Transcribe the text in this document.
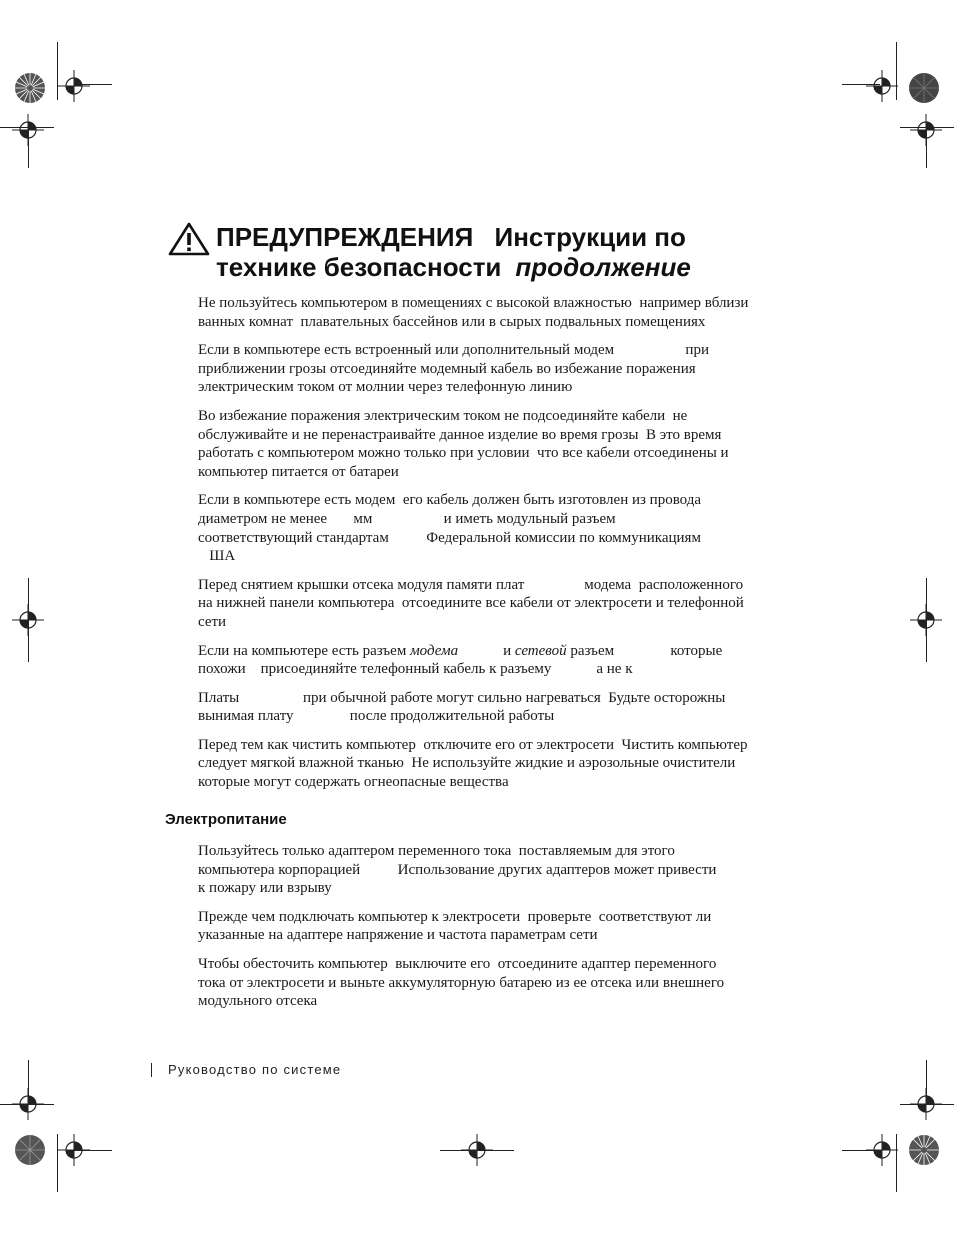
ПРЕДУПРЕЖДЕНИЯ Инструкции по
технике безопасности продолжение

Не пользуйтесь компьютером в помещениях с высокой влажностью  например вблизи
ванных комнат  плавательных бассейнов или в сырых подвальных помещениях

Если в компьютере есть встроенный или дополнительный модем                   при
приближении грозы отсоединяйте модемный кабель во избежание поражения
электрическим током от молнии через телефонную линию

Во избежание поражения электрическим током не подсоединяйте кабели  не
обслуживайте и не перенастраивайте данное изделие во время грозы  В это время
работать с компьютером можно только при условии  что все кабели отсоединены и
компьютер питается от батареи

Если в компьютере есть модем  его кабель должен быть изготовлен из провода
диаметром не менее       мм                   и иметь модульный разъем
соответствующий стандартам          Федеральной комиссии по коммуникациям
ША

Перед снятием крышки отсека модуля памяти плат                модема  расположенного
на нижней панели компьютера  отсоедините все кабели от электросети и телефонной
сети

Если на компьютере есть разъем модема            и сетевой разъем               которые
похожи    присоединяйте телефонный кабель к разъему            а не к

Платы                 при обычной работе могут сильно нагреваться  Будьте осторожны
вынимая плату               после продолжительной работы

Перед тем как чистить компьютер  отключите его от электросети  Чистить компьютер
следует мягкой влажной тканью  Не используйте жидкие и аэрозольные очистители
которые могут содержать огнеопасные вещества

Электропитание

Пользуйтесь только адаптером переменного тока  поставляемым для этого
компьютера корпорацией          Использование других адаптеров может привести
к пожару или взрыву

Прежде чем подключать компьютер к электросети  проверьте  соответствуют ли
указанные на адаптере напряжение и частота параметрам сети

Чтобы обесточить компьютер  выключите его  отсоедините адаптер переменного
тока от электросети и выньте аккумуляторную батарею из ее отсека или внешнего
модульного отсека

Руководство по системе
